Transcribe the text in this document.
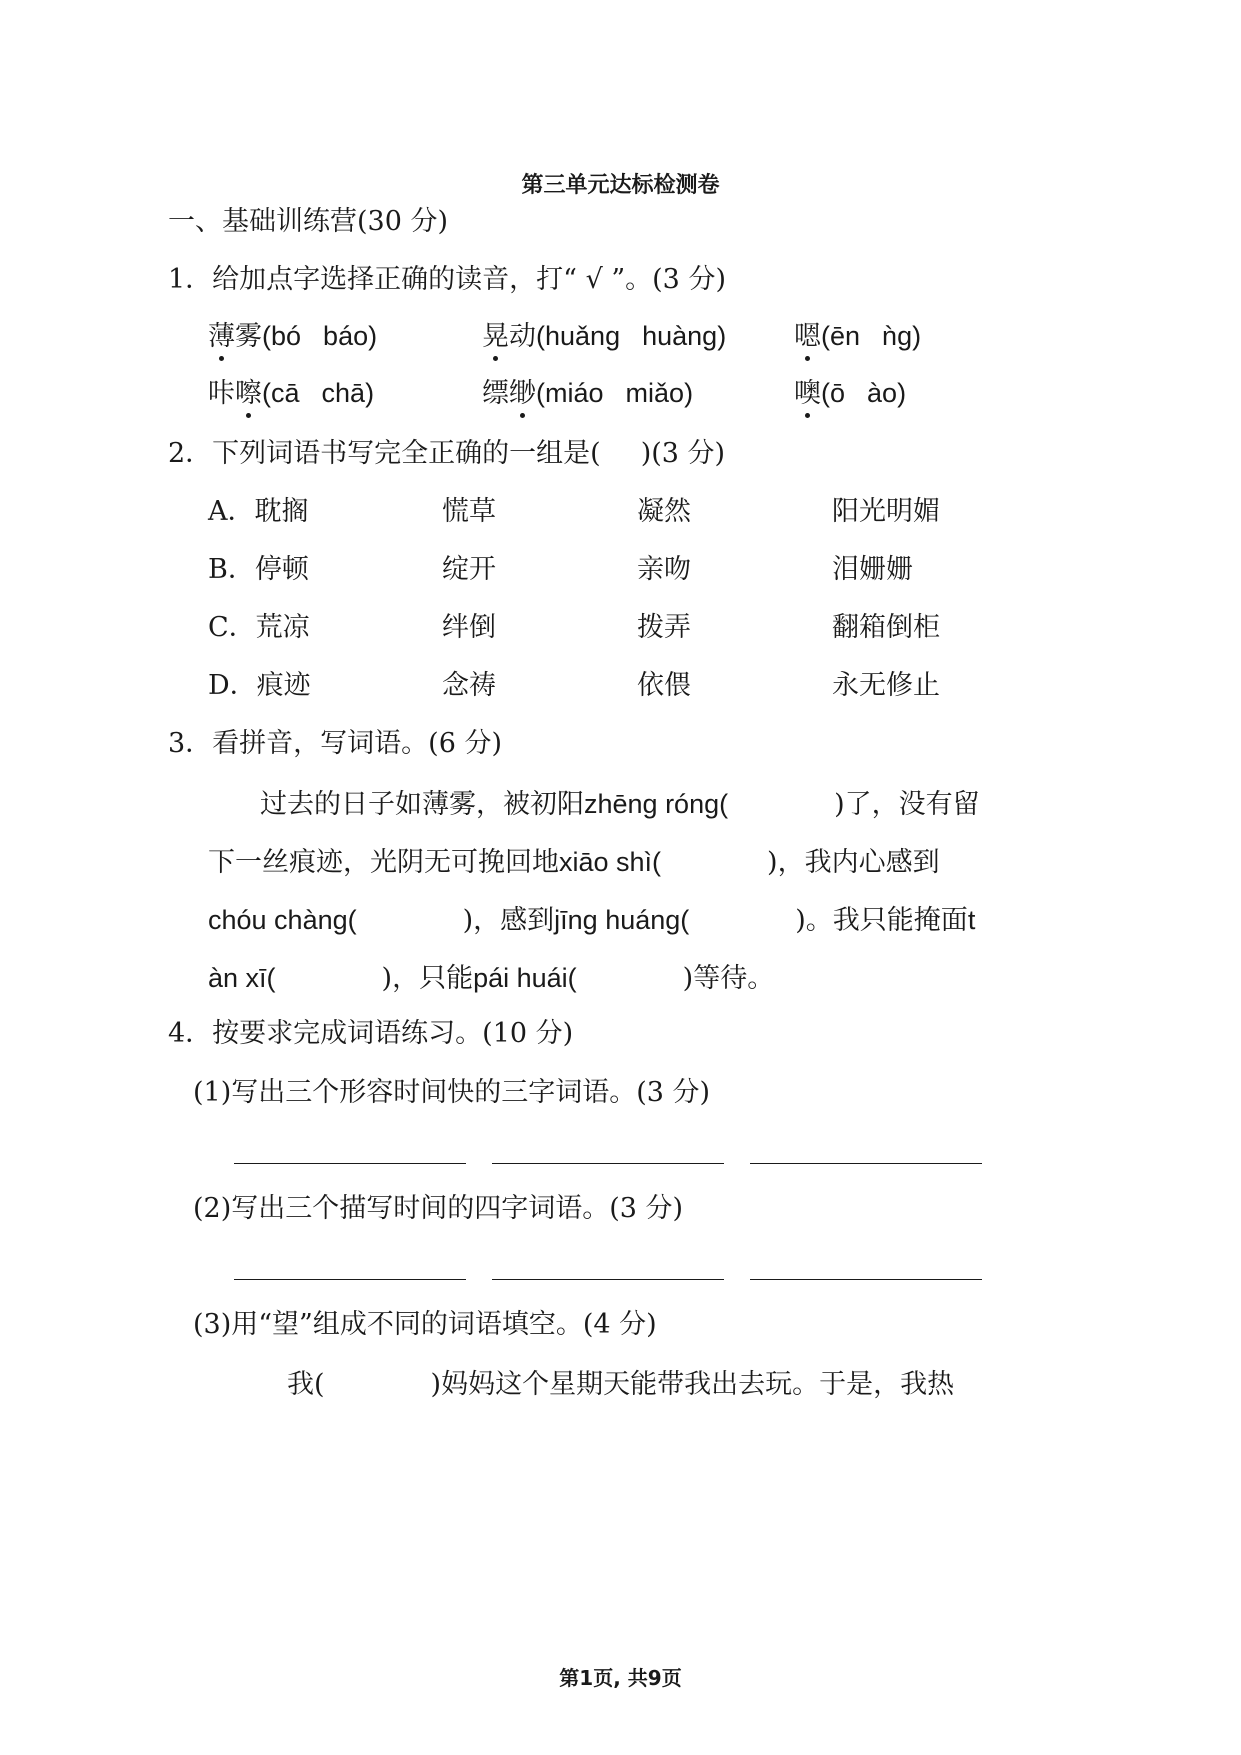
第三单元达标检测卷
一、基础训练营(30 分)
1．给加点字选择正确的读音，打“ √ ”。(3 分)
薄雾(bó báo)	晃动(huǎng huàng)	嗯(ēn ǹg)
咔嚓(cā chā)	缥缈(miáo miǎo)	噢(ō ào)
2．下列词语书写完全正确的一组是( )(3 分)
A．耽搁	慌草	凝然	阳光明媚
B．停顿	绽开	亲吻	泪姗姗
C．荒凉	绊倒	拨弄	翻箱倒柜
D．痕迹	念祷	依偎	永无修止
3．看拼音，写词语。(6 分)
过去的日子如薄雾，被初阳zhēng róng(	)了，没有留
下一丝痕迹，光阴无可挽回地xiāo shì(	)，我内心感到
chóu chàng(	)，感到jīng huáng(	)。我只能掩面t
àn xī(	)，只能pái huái(	)等待。
4．按要求完成词语练习。(10 分)
(1)写出三个形容时间快的三字词语。(3 分)
(2)写出三个描写时间的四字词语。(3 分)
(3)用“望”组成不同的词语填空。(4 分)
我(	)妈妈这个星期天能带我出去玩。于是，我热
第1页, 共9页
